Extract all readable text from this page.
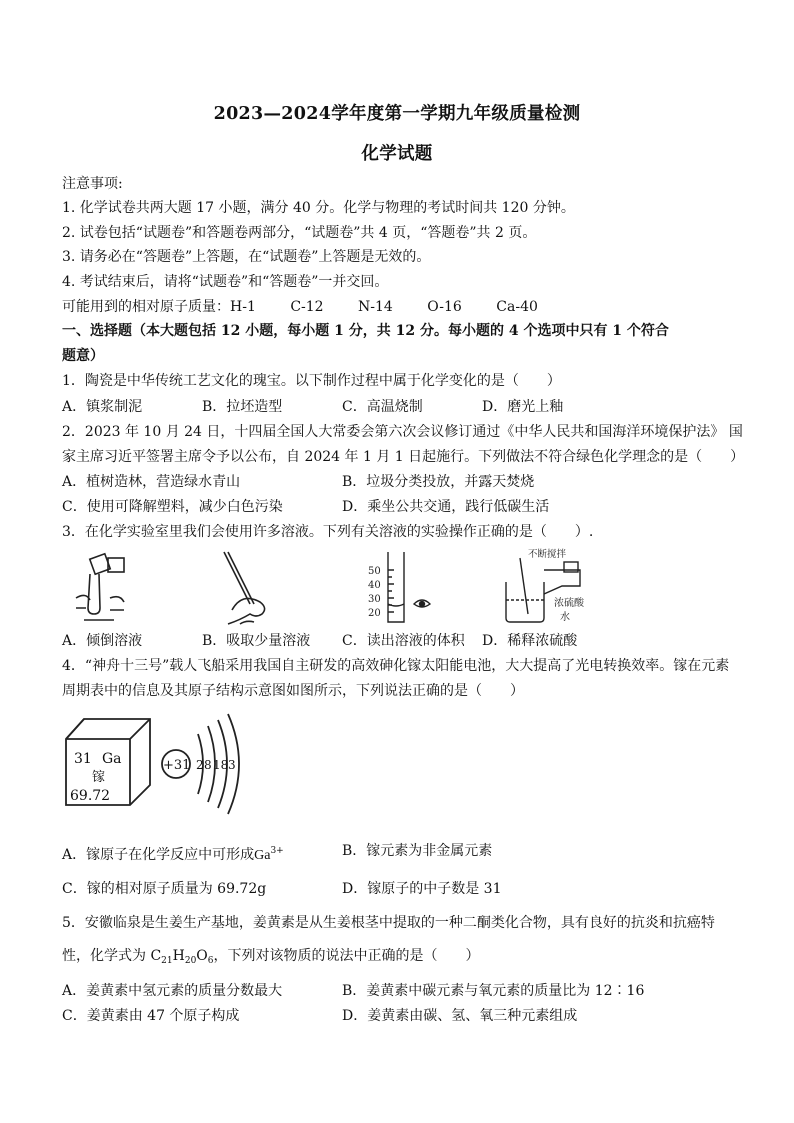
2023—2024学年度第一学期九年级质量检测
化学试题
注意事项:
1. 化学试卷共两大题 17 小题，满分 40 分。化学与物理的考试时间共 120 分钟。
2. 试卷包括“试题卷”和答题卷两部分，“试题卷”共 4 页，“答题卷”共 2 页。
3. 请务必在“答题卷”上答题，在“试题卷”上答题是无效的。
4. 考试结束后，请将“试题卷”和“答题卷”一并交回。
可能用到的相对原子质量：H-1 C-12 N-14 O-16 Ca-40
一、选择题（本大题包括 12 小题，每小题 1 分，共 12 分。每小题的 4 个选项中只有 1 个符合
题意）
1．陶瓷是中华传统工艺文化的瑰宝。以下制作过程中属于化学变化的是（　　）
A．镇浆制泥	B．拉坯造型	C．高温烧制	D．磨光上釉
2．2023 年 10 月 24 日，十四届全国人大常委会第六次会议修订通过《中华人民共和国海洋环境保护法》 国
家主席习近平签署主席令予以公布，自 2024 年 1 月 1 日起施行。下列做法不符合绿色化学理念的是（　　）
A．植树造林，营造绿水青山	B．垃圾分类投放，并露天焚烧
C．使用可降解塑料，减少白色污染	D．乘坐公共交通，践行低碳生活
3．在化学实验室里我们会使用许多溶液。下列有关溶液的实验操作正确的是（　　）.
50
40
30
20
不断搅拌
浓硫酸
水
A．倾倒溶液	B．吸取少量溶液 C．读出溶液的体积 D．稀释浓硫酸
4．“神舟十三号”载人飞船采用我国自主研发的高效砷化镓太阳能电池，大大提高了光电转换效率。镓在元素
周期表中的信息及其原子结构示意图如图所示，下列说法正确的是（　　）
31 Ga
镓
69.72
+31 2 8 18 3
A．镓原子在化学反应中可形成$Ga^{3+}$	B．镓元素为非金属元素
C．镓的相对原子质量为 69.72g	D．镓原子的中子数是 31
5．安徽临泉是生姜生产基地，姜黄素是从生姜根茎中提取的一种二酮类化合物，具有良好的抗炎和抗癌特
性，化学式为 $C_{21}H_{20}O_6$，下列对该物质的说法中正确的是（　　）
A．姜黄素中氢元素的质量分数最大	B．姜黄素中碳元素与氧元素的质量比为 12∶16
C．姜黄素由 47 个原子构成	D．姜黄素由碳、氢、氧三种元素组成
